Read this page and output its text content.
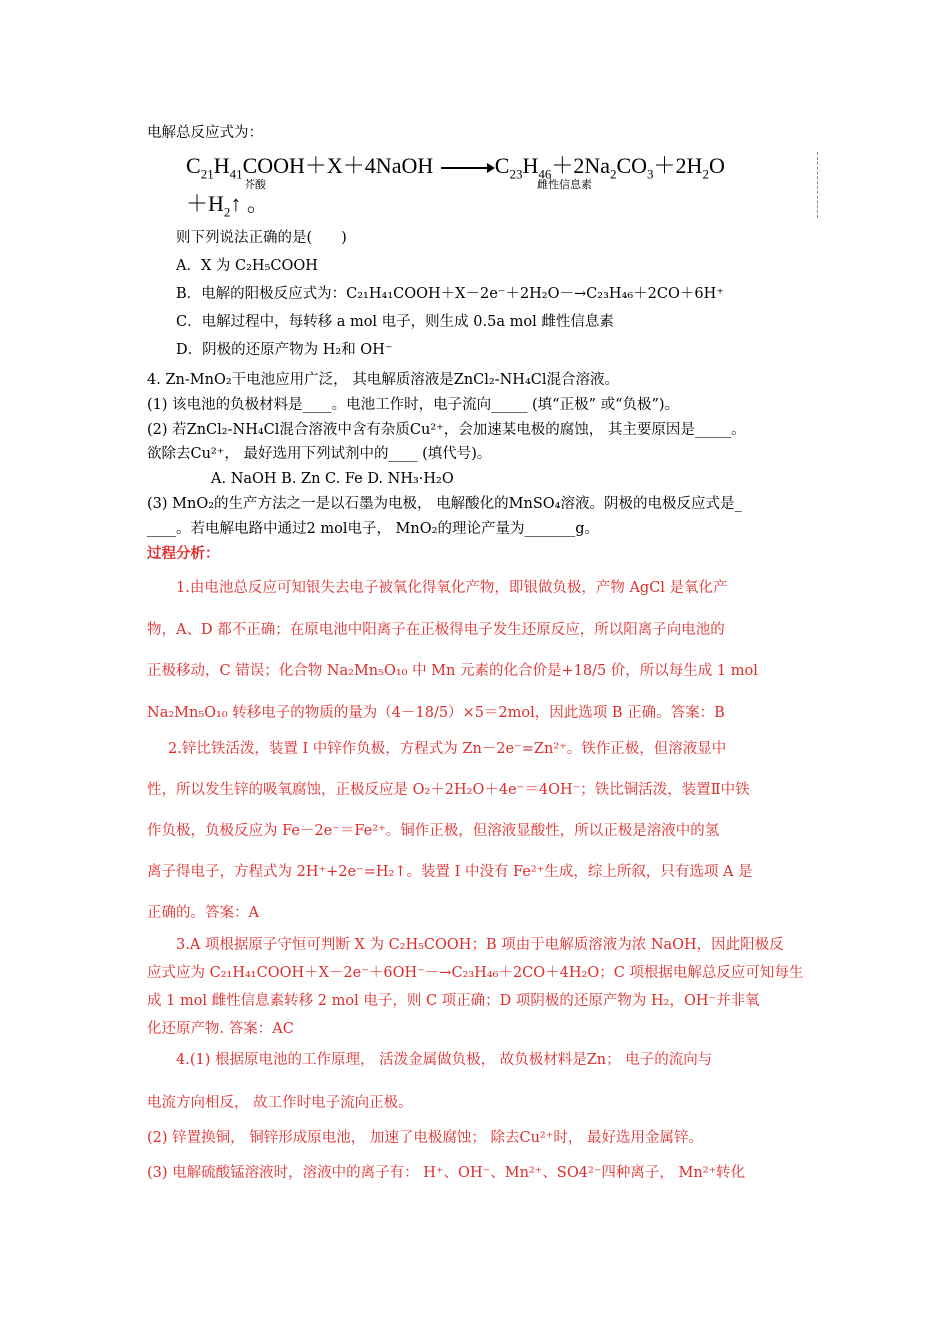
电解总反应式为：
$C_{21}H_{41}COOH+X+4NaOH \to C_{23}H_{46}+2Na_2CO_3+2H_2O$
芥酸	雌性信息素
$+H_2↑$ 。
则下列说法正确的是(　　)
A．X 为 C₂H₅COOH
B．电解的阳极反应式为：C₂₁H₄₁COOH＋X－2e⁻＋2H₂O－→C₂₃H₄₆＋2CO＋6H⁺
C．电解过程中，每转移 a mol 电子，则生成 0.5a mol 雌性信息素
D．阴极的还原产物为 H₂和 OH⁻
4. Zn-MnO₂干电池应用广泛， 其电解质溶液是ZnCl₂-NH₄Cl混合溶液。
(1) 该电池的负极材料是____。电池工作时，电子流向_____ (填“正极” 或“负极”)。
(2) 若ZnCl₂-NH₄Cl混合溶液中含有杂质Cu²⁺，会加速某电极的腐蚀， 其主要原因是_____。
欲除去Cu²⁺， 最好选用下列试剂中的____ (填代号)。
A. NaOH B. Zn C. Fe D. NH₃·H₂O
(3) MnO₂的生产方法之一是以石墨为电极， 电解酸化的MnSO₄溶液。阴极的电极反应式是_
____。若电解电路中通过2 mol电子， MnO₂的理论产量为_______g。
过程分析：
1.由电池总反应可知银失去电子被氧化得氧化产物，即银做负极，产物 AgCl 是氧化产
物，A、D 都不正确；在原电池中阳离子在正极得电子发生还原反应，所以阳离子向电池的
正极移动，C 错误；化合物 Na₂Mn₅O₁₀ 中 Mn 元素的化合价是+18/5 价，所以每生成 1 mol
Na₂Mn₅O₁₀ 转移电子的物质的量为（4－18/5）×5＝2mol，因此选项 B 正确。答案：B
2.锌比铁活泼，装置 I 中锌作负极，方程式为 Zn－2e⁻=Zn²⁺。铁作正极，但溶液显中
性，所以发生锌的吸氧腐蚀，正极反应是 O₂＋2H₂O＋4e⁻＝4OH⁻；铁比铜活泼，装置Ⅱ中铁
作负极，负极反应为 Fe－2e⁻＝Fe²⁺。铜作正极，但溶液显酸性，所以正极是溶液中的氢
离子得电子，方程式为 2H⁺+2e⁻=H₂↑。装置 I 中没有 Fe²⁺生成，综上所叙，只有选项 A 是
正确的。答案：A
3.A 项根据原子守恒可判断 X 为 C₂H₅COOH；B 项由于电解质溶液为浓 NaOH，因此阳极反
应式应为 C₂₁H₄₁COOH＋X－2e⁻＋6OH⁻－→C₂₃H₄₆＋2CO＋4H₂O；C 项根据电解总反应可知每生
成 1 mol 雌性信息素转移 2 mol 电子，则 C 项正确；D 项阴极的还原产物为 H₂，OH⁻并非氧
化还原产物. 答案：AC
4.(1) 根据原电池的工作原理， 活泼金属做负极， 故负极材料是Zn； 电子的流向与
电流方向相反， 故工作时电子流向正极。
(2) 锌置换铜， 铜锌形成原电池， 加速了电极腐蚀； 除去Cu²⁺时， 最好选用金属锌。
(3) 电解硫酸锰溶液时，溶液中的离子有： H⁺、OH⁻、Mn²⁺、SO4²⁻四种离子， Mn²⁺转化
